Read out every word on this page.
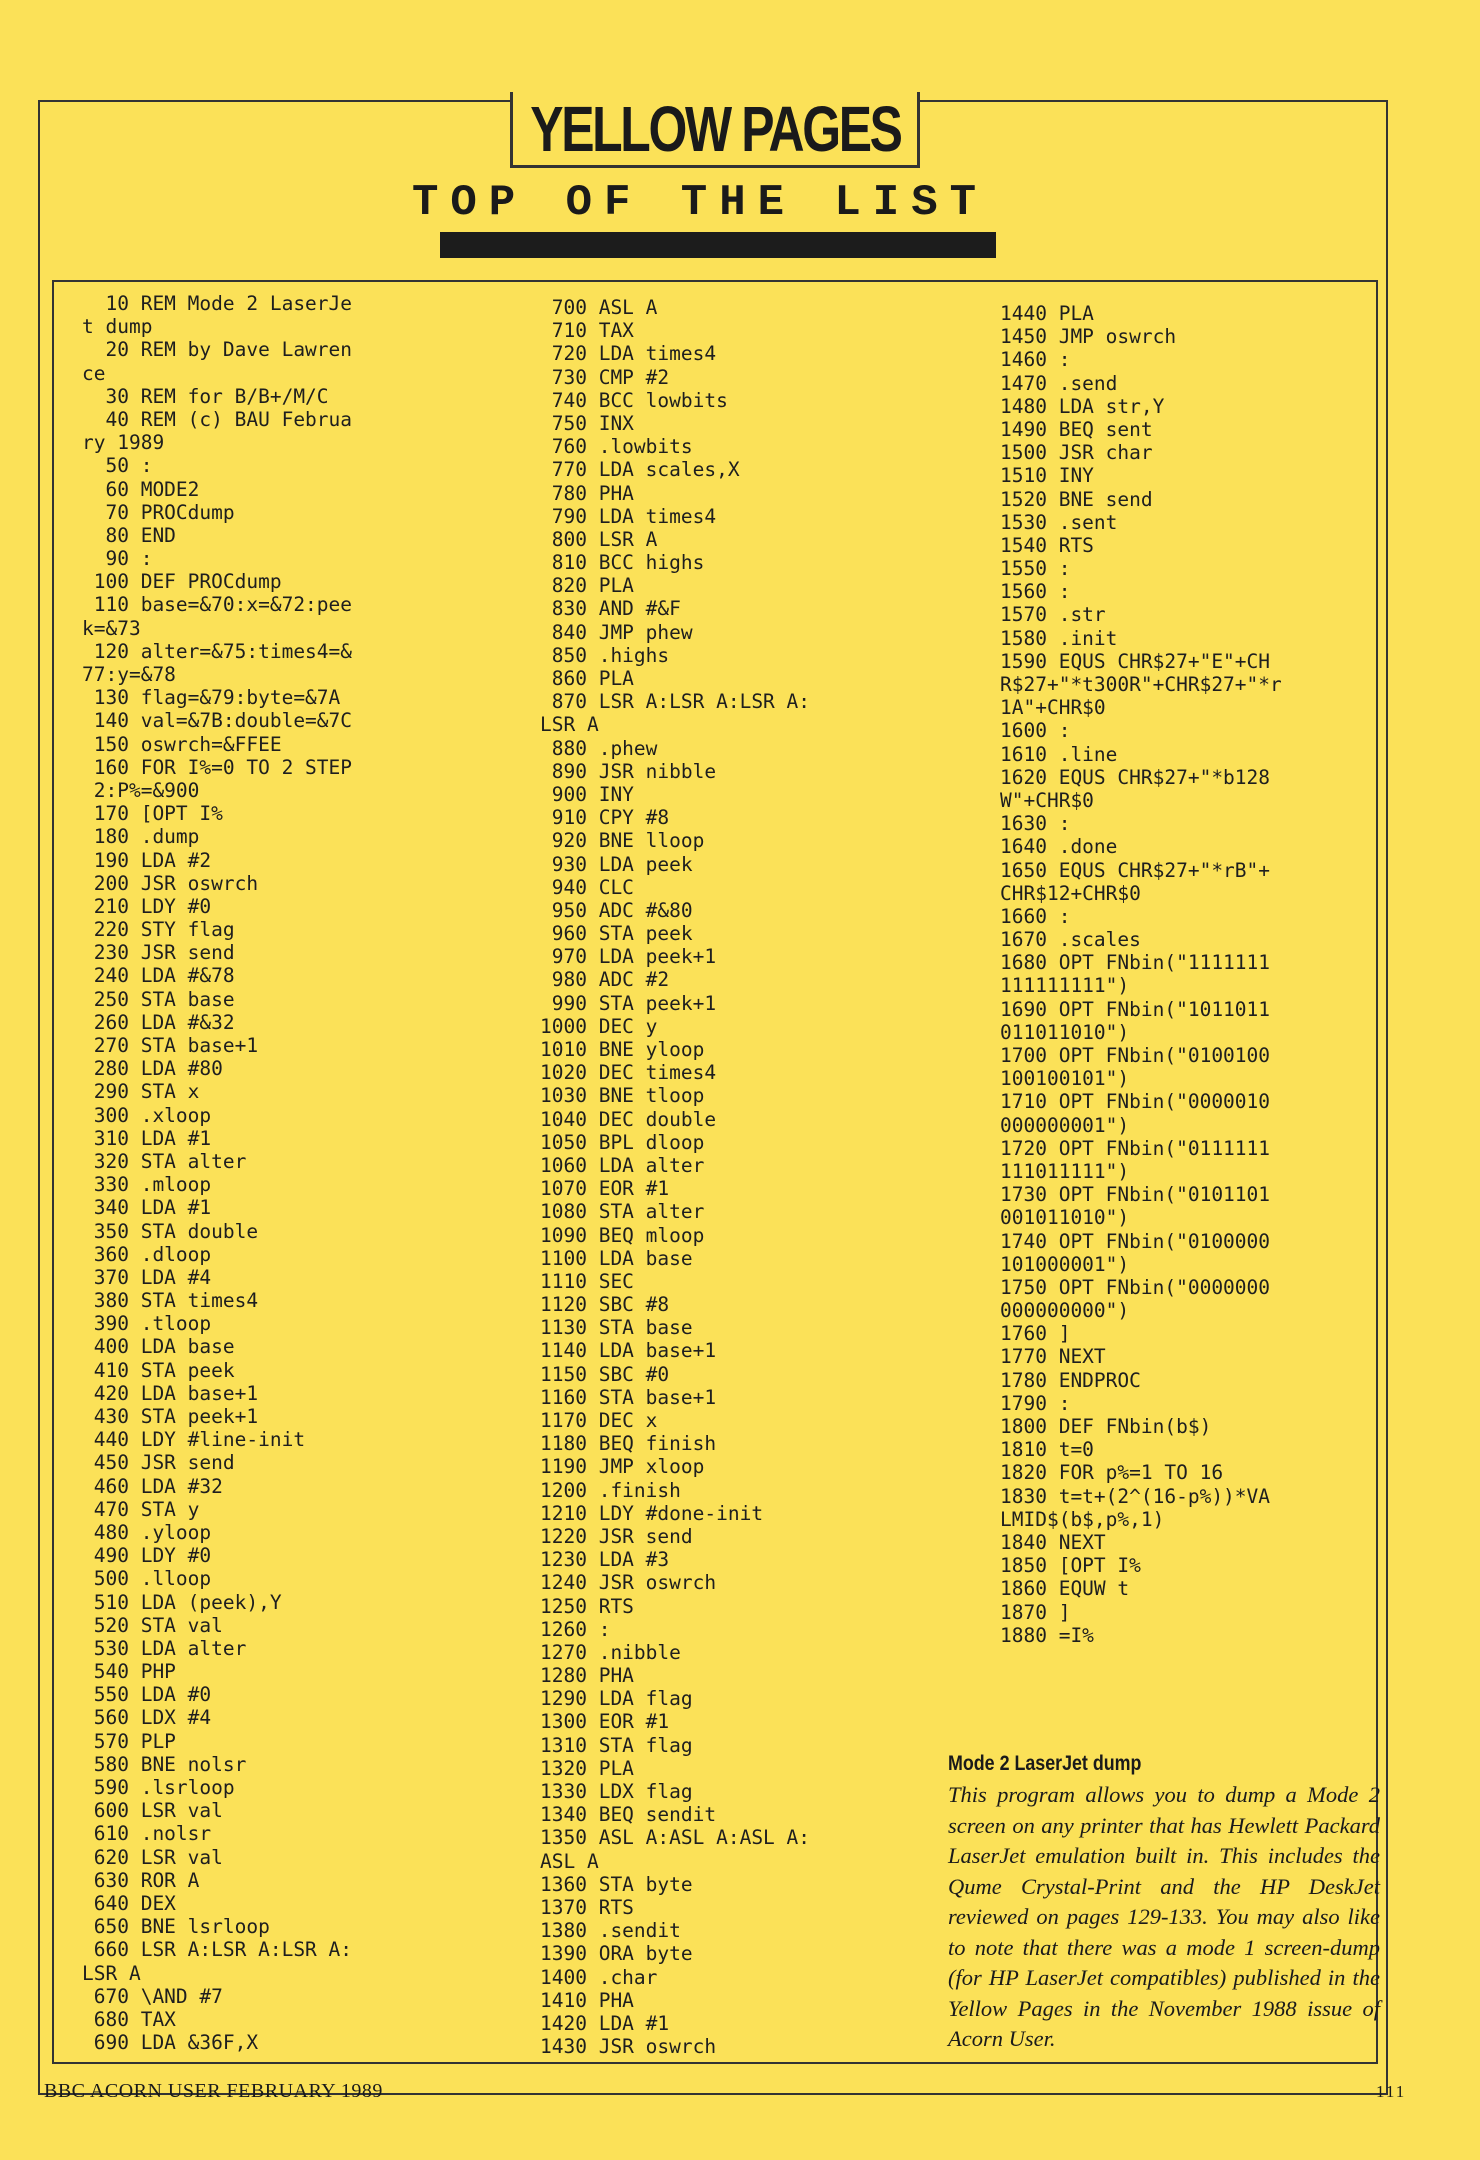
YELLOW PAGES
TOP OF THE LIST
10 REM Mode 2 LaserJe
t dump
20 REM by Dave Lawren
ce
30 REM for B/B+/M/C
40 REM (c) BAU Februa
ry 1989
50 :
60 MODE2
70 PROCdump
80 END
90 :
100 DEF PROCdump
110 base=&70:x=&72:pee
k=&73
120 alter=&75:times4=&
77:y=&78
130 flag=&79:byte=&7A
140 val=&7B:double=&7C
150 oswrch=&FFEE
160 FOR I%=0 TO 2 STEP
2:P%=&900
170 [OPT I%
180 .dump
190 LDA #2
200 JSR oswrch
210 LDY #0
220 STY flag
230 JSR send
240 LDA #&78
250 STA base
260 LDA #&32
270 STA base+1
280 LDA #80
290 STA x
300 .xloop
310 LDA #1
320 STA alter
330 .mloop
340 LDA #1
350 STA double
360 .dloop
370 LDA #4
380 STA times4
390 .tloop
400 LDA base
410 STA peek
420 LDA base+1
430 STA peek+1
440 LDY #line-init
450 JSR send
460 LDA #32
470 STA y
480 .yloop
490 LDY #0
500 .lloop
510 LDA (peek),Y
520 STA val
530 LDA alter
540 PHP
550 LDA #0
560 LDX #4
570 PLP
580 BNE nolsr
590 .lsrloop
600 LSR val
610 .nolsr
620 LSR val
630 ROR A
640 DEX
650 BNE lsrloop
660 LSR A:LSR A:LSR A:
LSR A
670 \AND #7
680 TAX
690 LDA &36F,X
700 ASL A
710 TAX
720 LDA times4
730 CMP #2
740 BCC lowbits
750 INX
760 .lowbits
770 LDA scales,X
780 PHA
790 LDA times4
800 LSR A
810 BCC highs
820 PLA
830 AND #&F
840 JMP phew
850 .highs
860 PLA
870 LSR A:LSR A:LSR A:
LSR A
880 .phew
890 JSR nibble
900 INY
910 CPY #8
920 BNE lloop
930 LDA peek
940 CLC
950 ADC #&80
960 STA peek
970 LDA peek+1
980 ADC #2
990 STA peek+1
1000 DEC y
1010 BNE yloop
1020 DEC times4
1030 BNE tloop
1040 DEC double
1050 BPL dloop
1060 LDA alter
1070 EOR #1
1080 STA alter
1090 BEQ mloop
1100 LDA base
1110 SEC
1120 SBC #8
1130 STA base
1140 LDA base+1
1150 SBC #0
1160 STA base+1
1170 DEC x
1180 BEQ finish
1190 JMP xloop
1200 .finish
1210 LDY #done-init
1220 JSR send
1230 LDA #3
1240 JSR oswrch
1250 RTS
1260 :
1270 .nibble
1280 PHA
1290 LDA flag
1300 EOR #1
1310 STA flag
1320 PLA
1330 LDX flag
1340 BEQ sendit
1350 ASL A:ASL A:ASL A:
ASL A
1360 STA byte
1370 RTS
1380 .sendit
1390 ORA byte
1400 .char
1410 PHA
1420 LDA #1
1430 JSR oswrch
1440 PLA
1450 JMP oswrch
1460 :
1470 .send
1480 LDA str,Y
1490 BEQ sent
1500 JSR char
1510 INY
1520 BNE send
1530 .sent
1540 RTS
1550 :
1560 :
1570 .str
1580 .init
1590 EQUS CHR$27+"E"+CH
R$27+"*t300R"+CHR$27+"*r
1A"+CHR$0
1600 :
1610 .line
1620 EQUS CHR$27+"*b128
W"+CHR$0
1630 :
1640 .done
1650 EQUS CHR$27+"*rB"+
CHR$12+CHR$0
1660 :
1670 .scales
1680 OPT FNbin("1111111
111111111")
1690 OPT FNbin("1011011
011011010")
1700 OPT FNbin("0100100
100100101")
1710 OPT FNbin("0000010
000000001")
1720 OPT FNbin("0111111
111011111")
1730 OPT FNbin("0101101
001011010")
1740 OPT FNbin("0100000
101000001")
1750 OPT FNbin("0000000
000000000")
1760 ]
1770 NEXT
1780 ENDPROC
1790 :
1800 DEF FNbin(b$)
1810 t=0
1820 FOR p%=1 TO 16
1830 t=t+(2^(16-p%))*VA
LMID$(b$,p%,1)
1840 NEXT
1850 [OPT I%
1860 EQUW t
1870 ]
1880 =I%
Mode 2 LaserJet dump
This program allows you to dump a Mode 2 screen on any printer that has Hewlett Packard LaserJet emulation built in. This includes the Qume Crystal-Print and the HP DeskJet reviewed on pages 129-133. You may also like to note that there was a mode 1 screen-dump (for HP LaserJet compatibles) published in the Yellow Pages in the November 1988 issue of Acorn User.
BBC ACORN USER FEBRUARY 1989	111
